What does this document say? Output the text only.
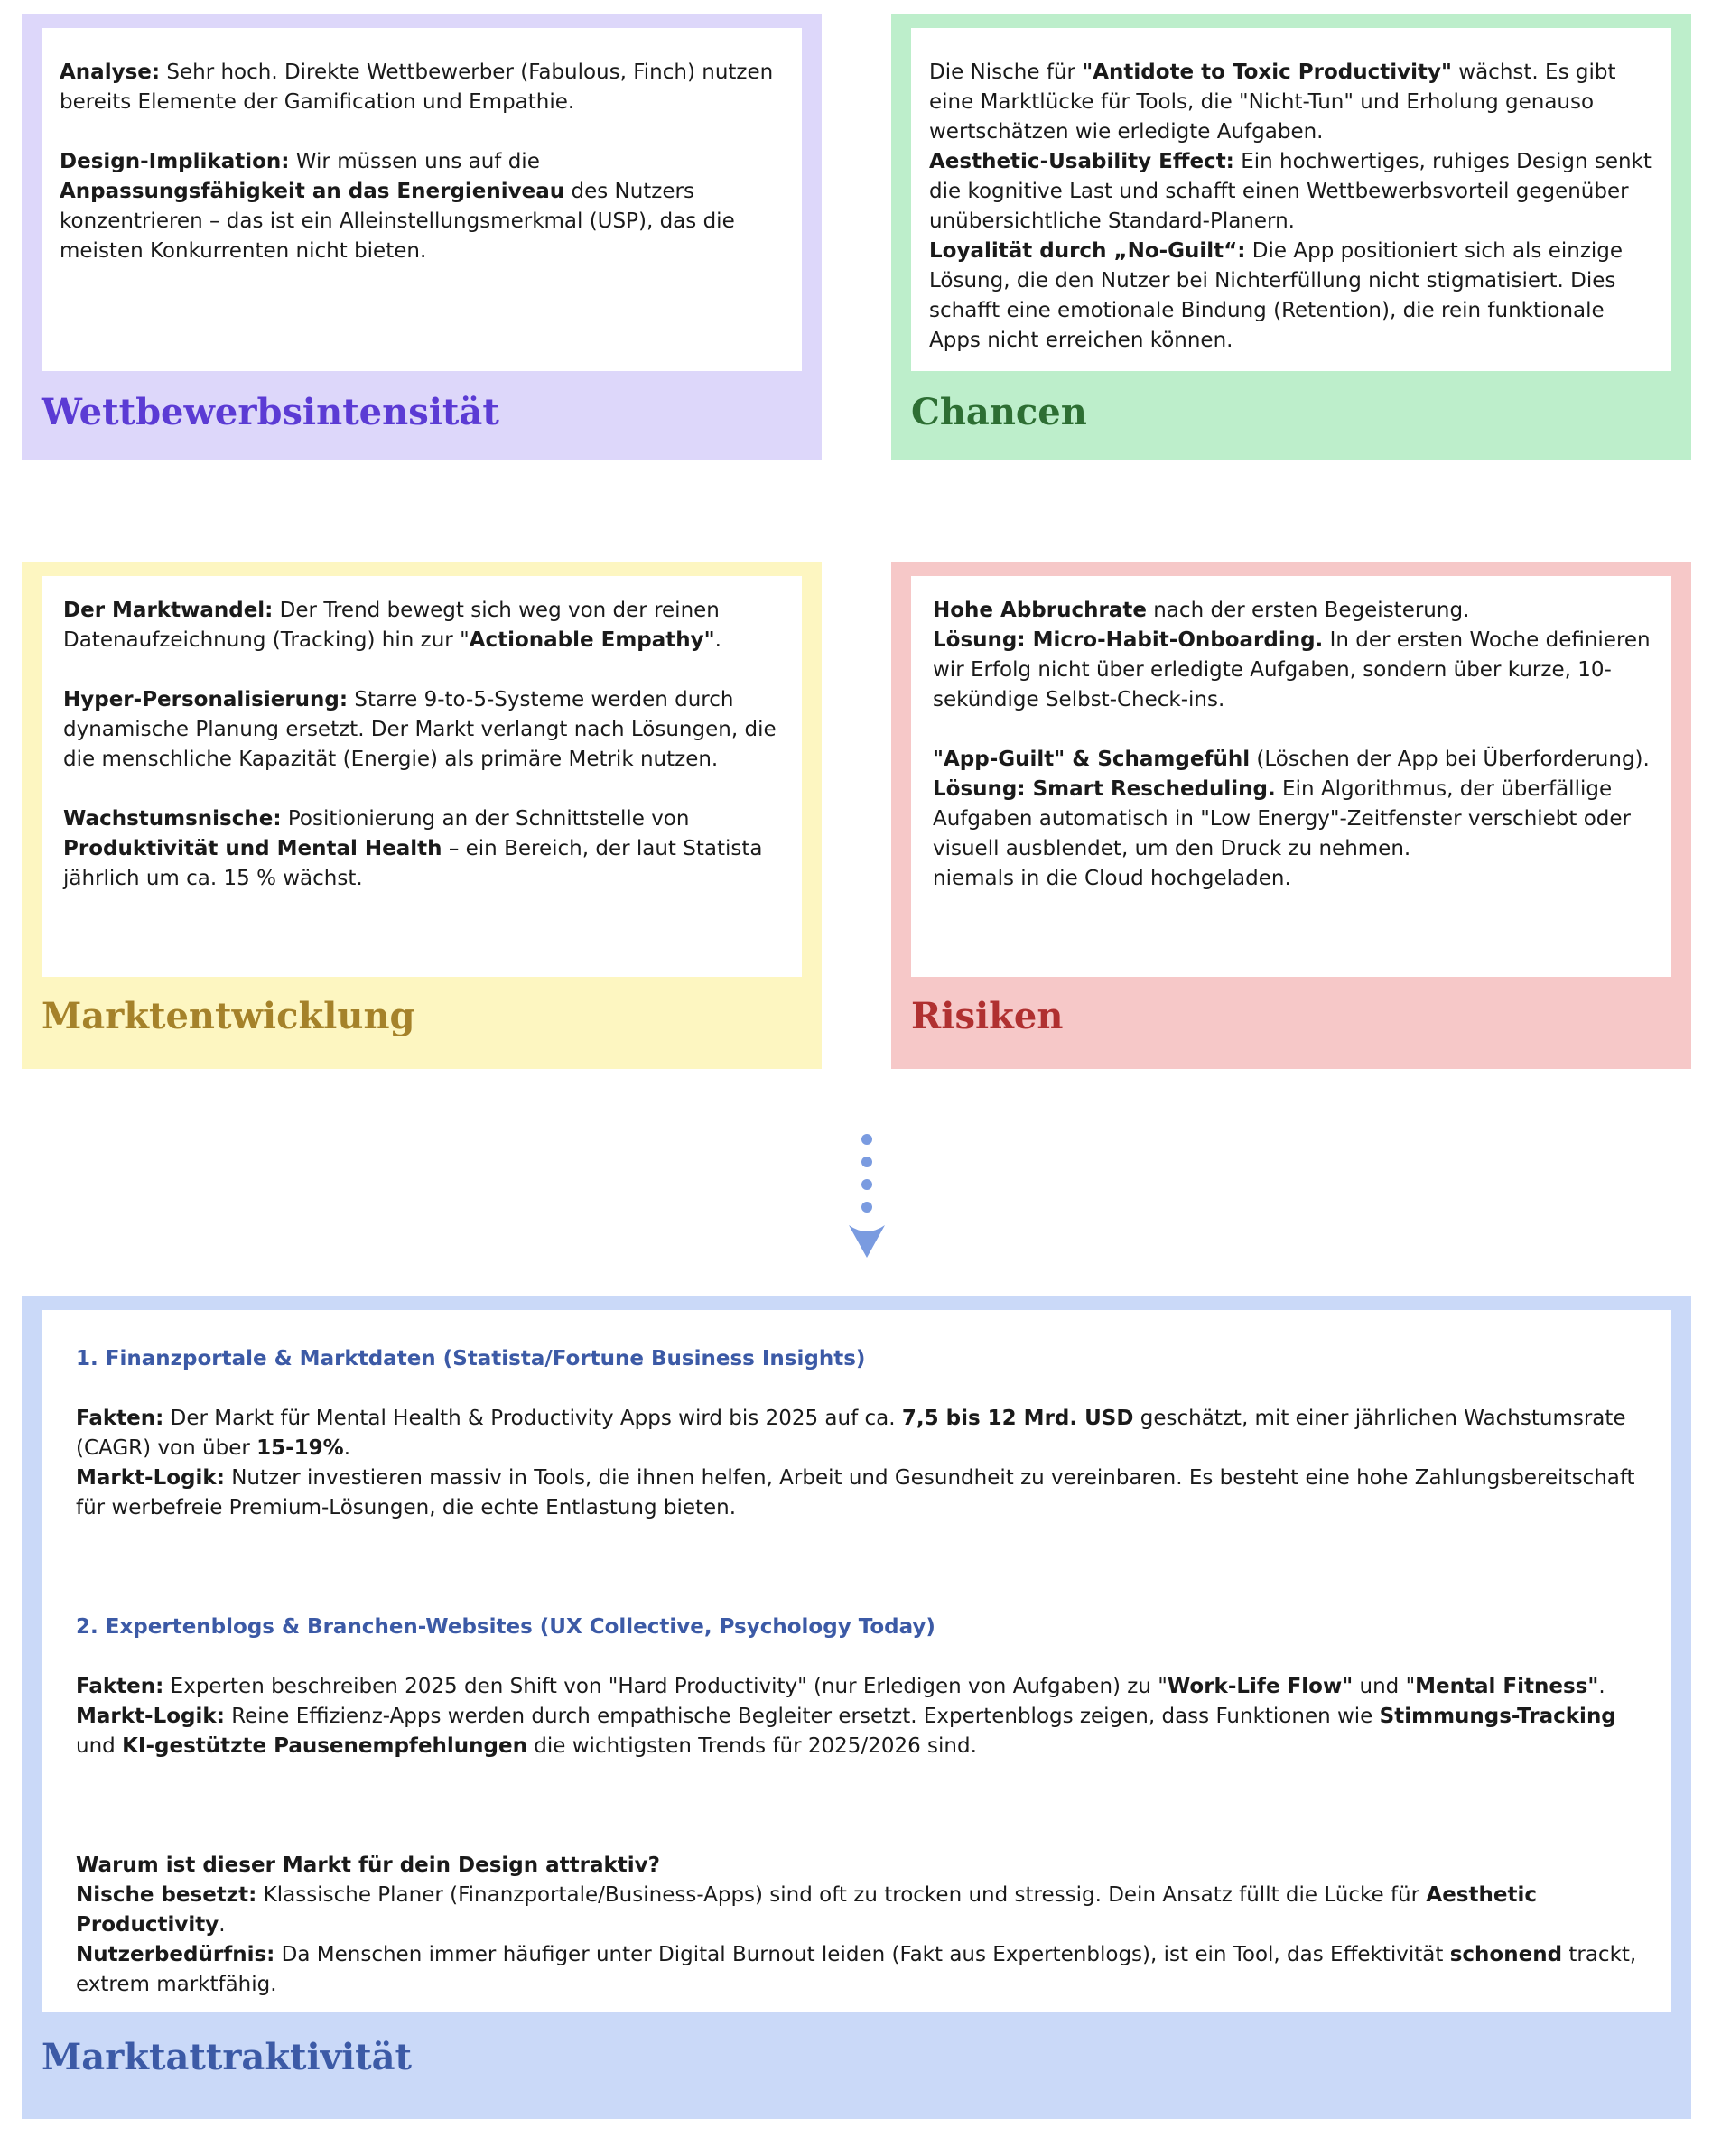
Analyse: Sehr hoch. Direkte Wettbewerber (Fabulous, Finch) nutzen bereits Elemente der Gamification und Empathie.

Design-Implikation: Wir müssen uns auf die Anpassungsfähigkeit an das Energieniveau des Nutzers konzentrieren – das ist ein Alleinstellungsmerkmal (USP), das die meisten Konkurrenten nicht bieten.

Wettbewerbsintensität

Die Nische für "Antidote to Toxic Productivity" wächst. Es gibt eine Marktlücke für Tools, die "Nicht-Tun" und Erholung genauso wertschätzen wie erledigte Aufgaben.

Aesthetic-Usability Effect: Ein hochwertiges, ruhiges Design senkt die kognitive Last und schafft einen Wettbewerbsvorteil gegenüber unübersichtliche Standard-Planern.

Loyalität durch „No-Guilt“: Die App positioniert sich als einzige Lösung, die den Nutzer bei Nichterfüllung nicht stigmatisiert. Dies schafft eine emotionale Bindung (Retention), die rein funktionale Apps nicht erreichen können.

Chancen

Der Marktwandel: Der Trend bewegt sich weg von der reinen Datenaufzeichnung (Tracking) hin zur "Actionable Empathy".

Hyper-Personalisierung: Starre 9-to-5-Systeme werden durch dynamische Planung ersetzt. Der Markt verlangt nach Lösungen, die die menschliche Kapazität (Energie) als primäre Metrik nutzen.

Wachstumsnische: Positionierung an der Schnittstelle von Produktivität und Mental Health – ein Bereich, der laut Statista jährlich um ca. 15 % wächst.

Marktentwicklung

Hohe Abbruchrate nach der ersten Begeisterung.

Lösung: Micro-Habit-Onboarding. In der ersten Woche definieren wir Erfolg nicht über erledigte Aufgaben, sondern über kurze, 10-sekündige Selbst-Check-ins.

"App-Guilt" & Schamgefühl (Löschen der App bei Überforderung).

Lösung: Smart Rescheduling. Ein Algorithmus, der überfällige Aufgaben automatisch in "Low Energy"-Zeitfenster verschiebt oder visuell ausblendet, um den Druck zu nehmen.

niemals in die Cloud hochgeladen.

Risiken

1. Finanzportale & Marktdaten (Statista/Fortune Business Insights)

Fakten: Der Markt für Mental Health & Productivity Apps wird bis 2025 auf ca. 7,5 bis 12 Mrd. USD geschätzt, mit einer jährlichen Wachstumsrate (CAGR) von über 15-19%.

Markt-Logik: Nutzer investieren massiv in Tools, die ihnen helfen, Arbeit und Gesundheit zu vereinbaren. Es besteht eine hohe Zahlungsbereitschaft für werbefreie Premium-Lösungen, die echte Entlastung bieten.

2. Expertenblogs & Branchen-Websites (UX Collective, Psychology Today)

Fakten: Experten beschreiben 2025 den Shift von "Hard Productivity" (nur Erledigen von Aufgaben) zu "Work-Life Flow" und "Mental Fitness".

Markt-Logik: Reine Effizienz-Apps werden durch empathische Begleiter ersetzt. Expertenblogs zeigen, dass Funktionen wie Stimmungs-Tracking und KI-gestützte Pausenempfehlungen die wichtigsten Trends für 2025/2026 sind.

Warum ist dieser Markt für dein Design attraktiv?

Nische besetzt: Klassische Planer (Finanzportale/Business-Apps) sind oft zu trocken und stressig. Dein Ansatz füllt die Lücke für Aesthetic Productivity.

Nutzerbedürfnis: Da Menschen immer häufiger unter Digital Burnout leiden (Fakt aus Expertenblogs), ist ein Tool, das Effektivität schonend trackt, extrem marktfähig.

Marktattraktivität
